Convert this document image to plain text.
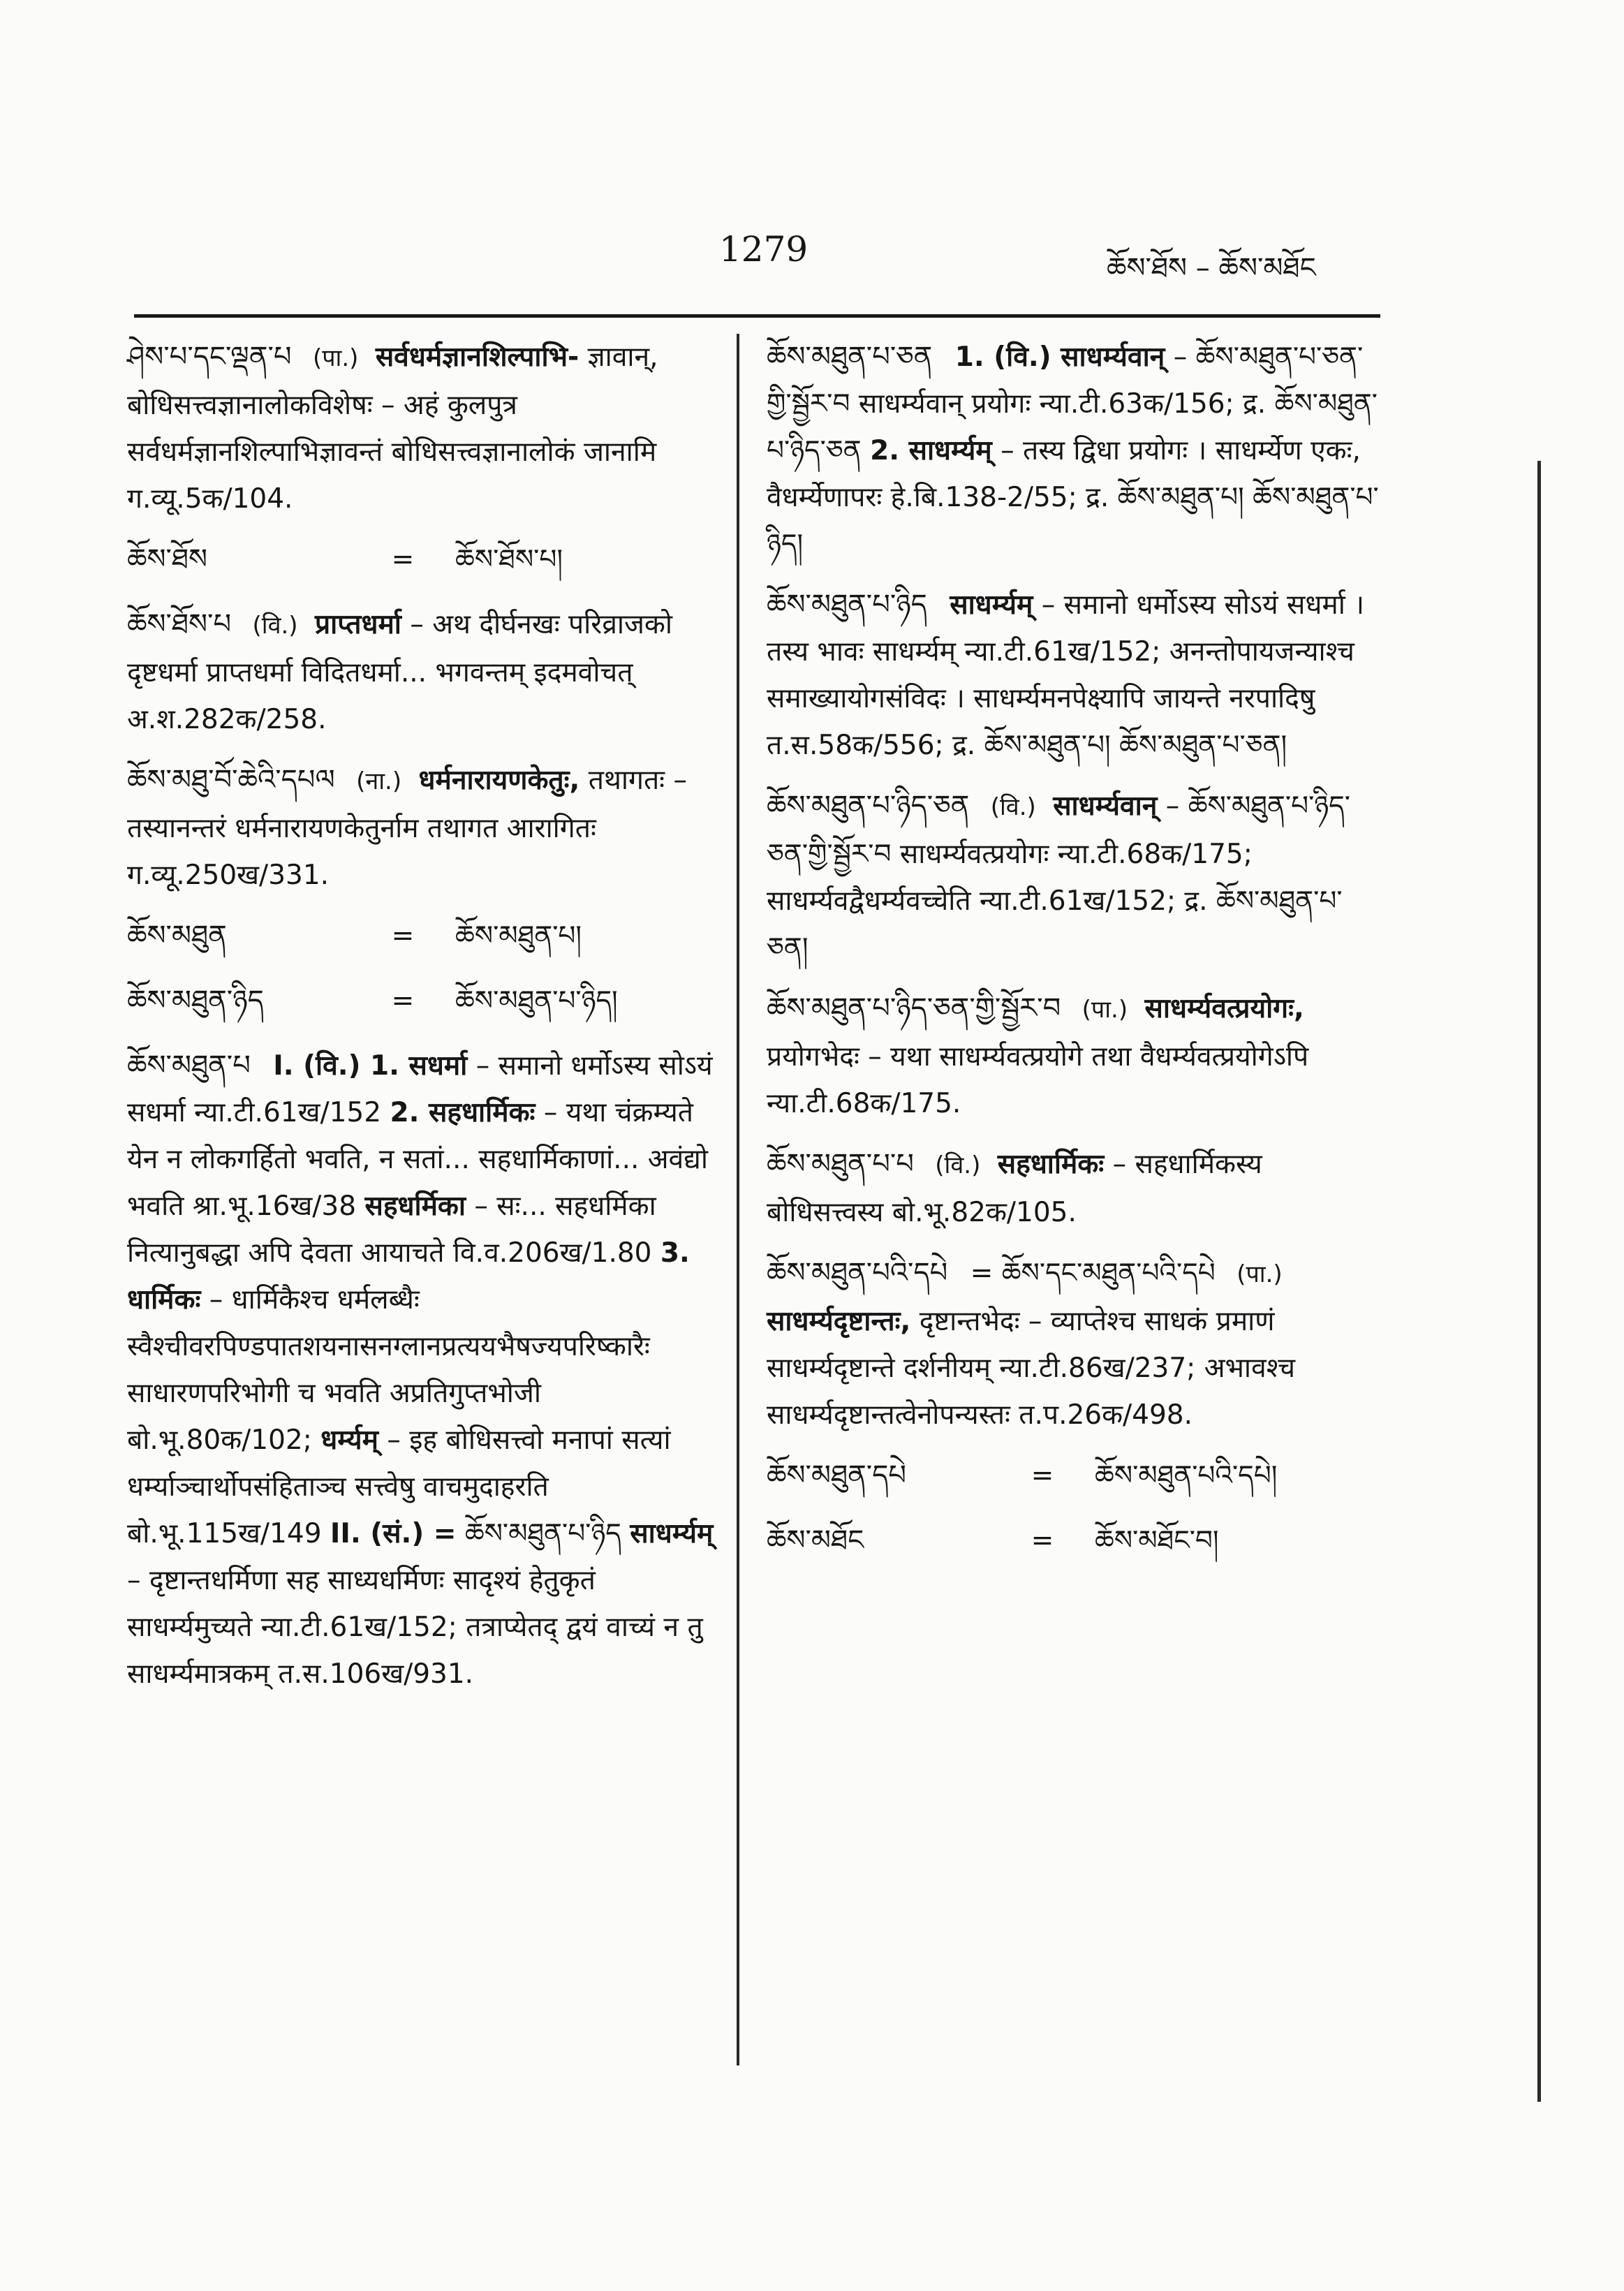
1279	ཆོས་ཐོས – ཆོས་མཐོང
ཤེས་པ་དང་ལྡན་པ (पा.) सर्वधर्मज्ञानशिल्पाभि- ज्ञावान्, बोधिसत्त्वज्ञानालोकविशेषः – अहं कुलपुत्र सर्वधर्मज्ञानशिल्पाभिज्ञावन्तं बोधिसत्त्वज्ञानालोकं जानामि ग.व्यू.5क/104.
ཆོས་ཐོས	=	ཆོས་ཐོས་པ།
ཆོས་ཐོས་པ (वि.) प्राप्तधर्मा – अथ दीर्घनखः परिव्राजको दृष्टधर्मा प्राप्तधर्मा विदितधर्मा... भगवन्तम् इदमवोचत् अ.श.282क/258.
ཆོས་མཐུ་བོ་ཆེའི་དཔལ (ना.) धर्मनारायणकेतुः, तथागतः – तस्यानन्तरं धर्मनारायणकेतुर्नाम तथागत आरागितः ग.व्यू.250ख/331.
ཆོས་མཐུན	=	ཆོས་མཐུན་པ།
ཆོས་མཐུན་ཉིད	=	ཆོས་མཐུན་པ་ཉིད།
ཆོས་མཐུན་པ I. (वि.) 1. सधर्मा – समानो धर्मोऽस्य सोऽयं सधर्मा न्या.टी.61ख/152 2. सहधार्मिकः – यथा चंक्रम्यते येन न लोकगर्हितो भवति, न सतां... सहधार्मिकाणां... अवंद्यो भवति श्रा.भू.16ख/38 सहधर्मिका – सः... सहधर्मिका नित्यानुबद्धा अपि देवता आयाचते वि.व.206ख/1.80 3. धार्मिकः – धार्मिकैश्च धर्मलब्धैः स्वैश्चीवरपिण्डपातशयनासनग्लानप्रत्ययभैषज्यपरिष्कारैः साधारणपरिभोगी च भवति अप्रतिगुप्तभोजी बो.भू.80क/102; धर्म्यम् – इह बोधिसत्त्वो मनापां सत्यां धर्म्याञ्चार्थोपसंहिताञ्च सत्त्वेषु वाचमुदाहरति बो.भू.115ख/149 II. (सं.) = ཆོས་མཐུན་པ་ཉིད साधर्म्यम् – दृष्टान्तधर्मिणा सह साध्यधर्मिणः सादृश्यं हेतुकृतं साधर्म्यमुच्यते न्या.टी.61ख/152; तत्राप्येतद् द्वयं वाच्यं न तु साधर्म्यमात्रकम् त.स.106ख/931.
ཆོས་མཐུན་པ་ཅན 1. (वि.) साधर्म्यवान् – ཆོས་མཐུན་པ་ཅན་གྱི་སྦྱོར་བ साधर्म्यवान् प्रयोगः न्या.टी.63क/156; द्र. ཆོས་མཐུན་པ་ཉིད་ཅན 2. साधर्म्यम् – तस्य द्विधा प्रयोगः । साधर्म्येण एकः, वैधर्म्येणापरः हे.बि.138-2/55; द्र. ཆོས་མཐུན་པ། ཆོས་མཐུན་པ་ཉིད།
ཆོས་མཐུན་པ་ཉིད साधर्म्यम् – समानो धर्मोऽस्य सोऽयं सधर्मा । तस्य भावः साधर्म्यम् न्या.टी.61ख/152; अनन्तोपायजन्याश्च समाख्यायोगसंविदः । साधर्म्यमनपेक्ष्यापि जायन्ते नरपादिषु त.स.58क/556; द्र. ཆོས་མཐུན་པ། ཆོས་མཐུན་པ་ཅན།
ཆོས་མཐུན་པ་ཉིད་ཅན (वि.) साधर्म्यवान् – ཆོས་མཐུན་པ་ཉིད་ཅན་གྱི་སྦྱོར་བ साधर्म्यवत्प्रयोगः न्या.टी.68क/175; साधर्म्यवद्वैधर्म्यवच्चेति न्या.टी.61ख/152; द्र. ཆོས་མཐུན་པ་ཅན།
ཆོས་མཐུན་པ་ཉིད་ཅན་གྱི་སྦྱོར་བ (पा.) साधर्म्यवत्प्रयोगः, प्रयोगभेदः – यथा साधर्म्यवत्प्रयोगे तथा वैधर्म्यवत्प्रयोगेऽपि न्या.टी.68क/175.
ཆོས་མཐུན་པ་པ (वि.) सहधार्मिकः – सहधार्मिकस्य बोधिसत्त्वस्य बो.भू.82क/105.
ཆོས་མཐུན་པའི་དཔེ = ཆོས་དང་མཐུན་པའི་དཔེ (पा.) साधर्म्यदृष्टान्तः, दृष्टान्तभेदः – व्याप्तेश्च साधकं प्रमाणं साधर्म्यदृष्टान्ते दर्शनीयम् न्या.टी.86ख/237; अभावश्च साधर्म्यदृष्टान्तत्वेनोपन्यस्तः त.प.26क/498.
ཆོས་མཐུན་དཔེ	=	ཆོས་མཐུན་པའི་དཔེ།
ཆོས་མཐོང	=	ཆོས་མཐོང་བ།
